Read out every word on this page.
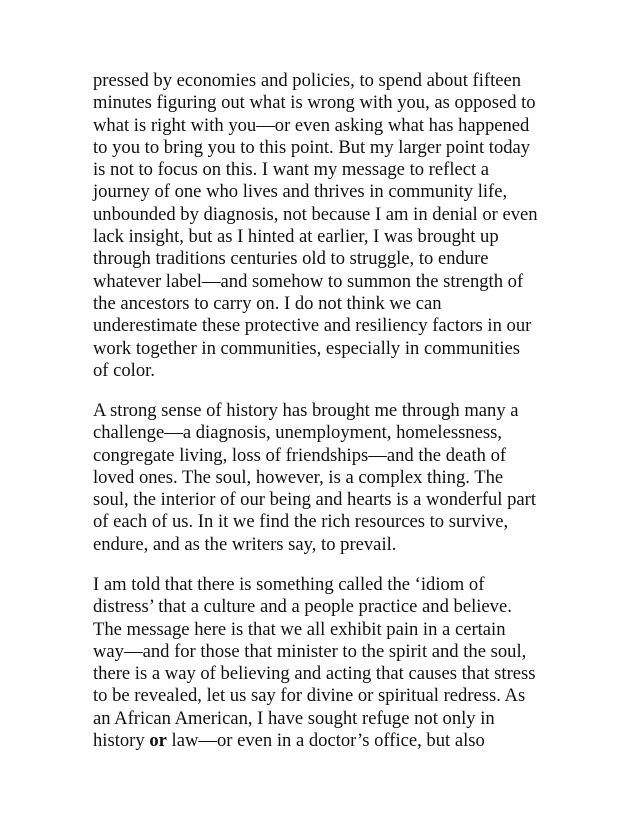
pressed by economies and policies, to spend about fifteen
minutes figuring out what is wrong with you, as opposed to
what is right with you—or even asking what has happened
to you to bring you to this point. But my larger point today
is not to focus on this. I want my message to reflect a
journey of one who lives and thrives in community life,
unbounded by diagnosis, not because I am in denial or even
lack insight, but as I hinted at earlier, I was brought up
through traditions centuries old to struggle, to endure
whatever label—and somehow to summon the strength of
the ancestors to carry on. I do not think we can
underestimate these protective and resiliency factors in our
work together in communities, especially in communities
of color.
A strong sense of history has brought me through many a
challenge—a diagnosis, unemployment, homelessness,
congregate living, loss of friendships—and the death of
loved ones. The soul, however, is a complex thing. The
soul, the interior of our being and hearts is a wonderful part
of each of us. In it we find the rich resources to survive,
endure, and as the writers say, to prevail.
I am told that there is something called the ‘idiom of
distress’ that a culture and a people practice and believe.
The message here is that we all exhibit pain in a certain
way—and for those that minister to the spirit and the soul,
there is a way of believing and acting that causes that stress
to be revealed, let us say for divine or spiritual redress. As
an African American, I have sought refuge not only in
history or law—or even in a doctor’s office, but also
